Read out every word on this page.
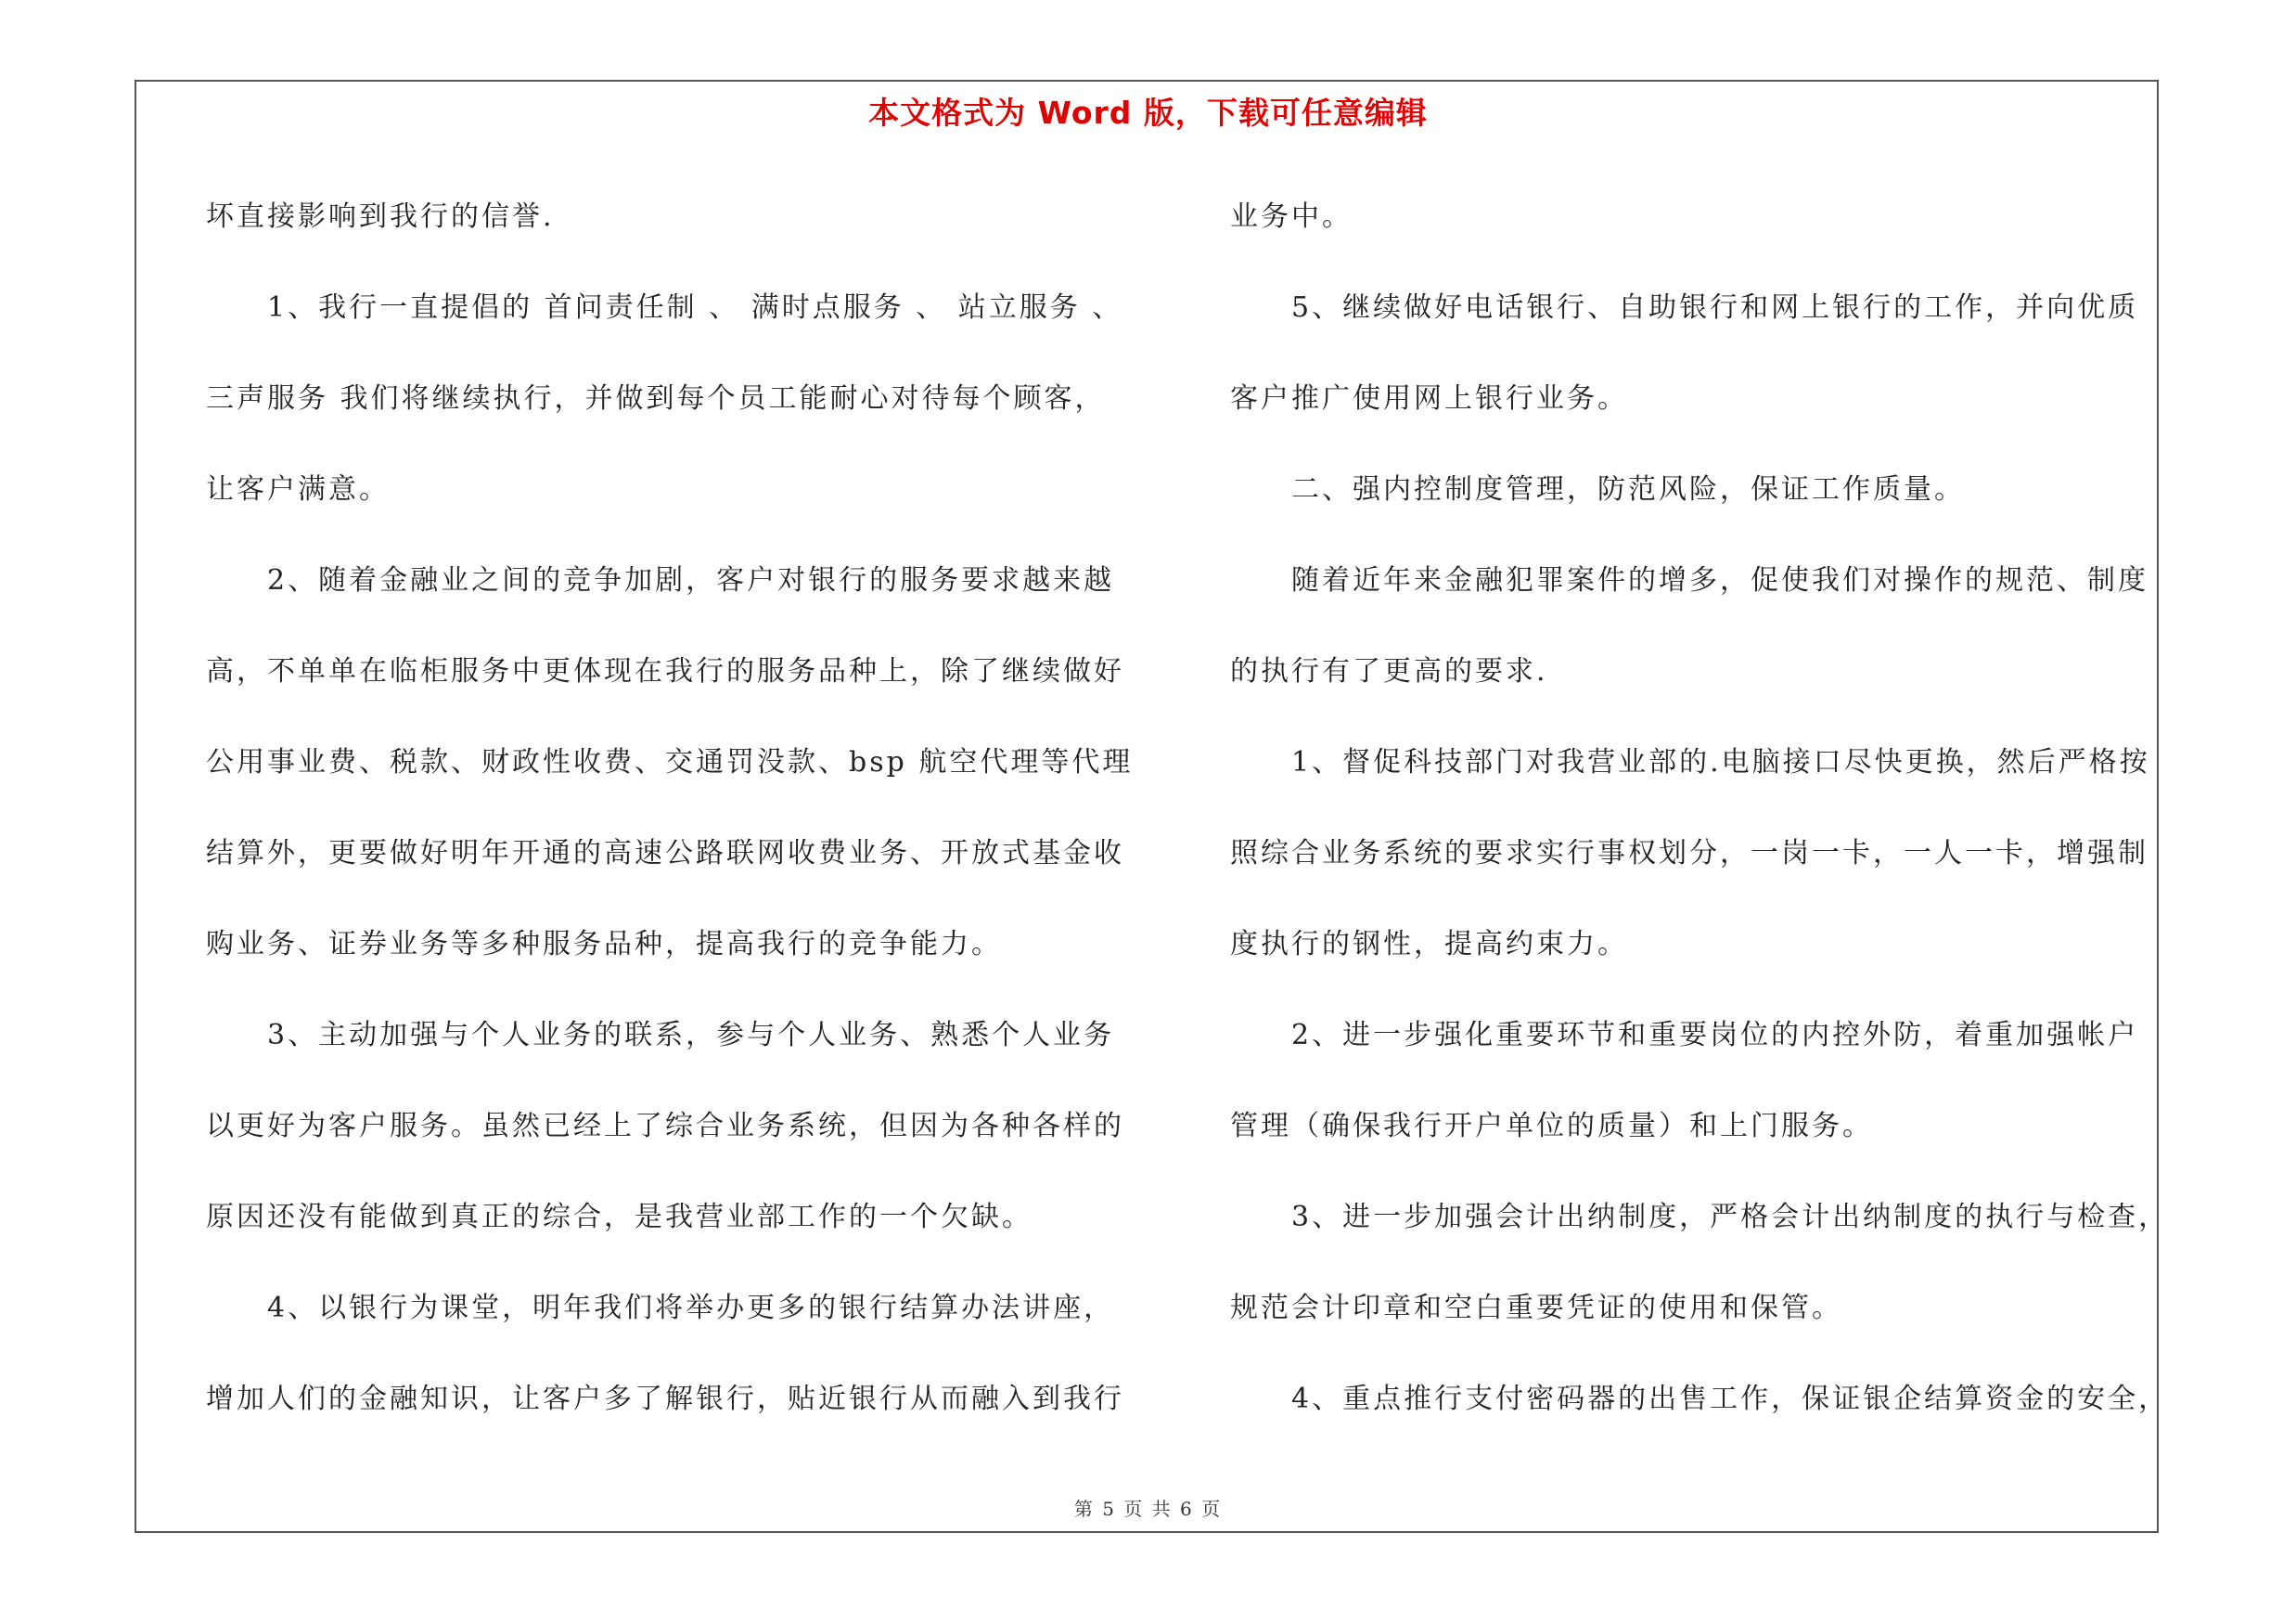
本文格式为 Word 版，下载可任意编辑
坏直接影响到我行的信誉.
　　1、我行一直提倡的 首问责任制 、 满时点服务 、 站立服务 、
三声服务 我们将继续执行，并做到每个员工能耐心对待每个顾客，
让客户满意。
　　2、随着金融业之间的竞争加剧，客户对银行的服务要求越来越
高，不单单在临柜服务中更体现在我行的服务品种上，除了继续做好
公用事业费、税款、财政性收费、交通罚没款、bsp 航空代理等代理
结算外，更要做好明年开通的高速公路联网收费业务、开放式基金收
购业务、证券业务等多种服务品种，提高我行的竞争能力。
　　3、主动加强与个人业务的联系，参与个人业务、熟悉个人业务
以更好为客户服务。虽然已经上了综合业务系统，但因为各种各样的
原因还没有能做到真正的综合，是我营业部工作的一个欠缺。
　　4、以银行为课堂，明年我们将举办更多的银行结算办法讲座，
增加人们的金融知识，让客户多了解银行，贴近银行从而融入到我行
业务中。
　　5、继续做好电话银行、自助银行和网上银行的工作，并向优质
客户推广使用网上银行业务。
　　二、强内控制度管理，防范风险，保证工作质量。
　　随着近年来金融犯罪案件的增多，促使我们对操作的规范、制度
的执行有了更高的要求.
　　1、督促科技部门对我营业部的.电脑接口尽快更换，然后严格按
照综合业务系统的要求实行事权划分，一岗一卡，一人一卡，增强制
度执行的钢性，提高约束力。
　　2、进一步强化重要环节和重要岗位的内控外防，着重加强帐户
管理（确保我行开户单位的质量）和上门服务。
　　3、进一步加强会计出纳制度，严格会计出纳制度的执行与检查，
规范会计印章和空白重要凭证的使用和保管。
　　4、重点推行支付密码器的出售工作，保证银企结算资金的安全，
第 5 页 共 6 页
